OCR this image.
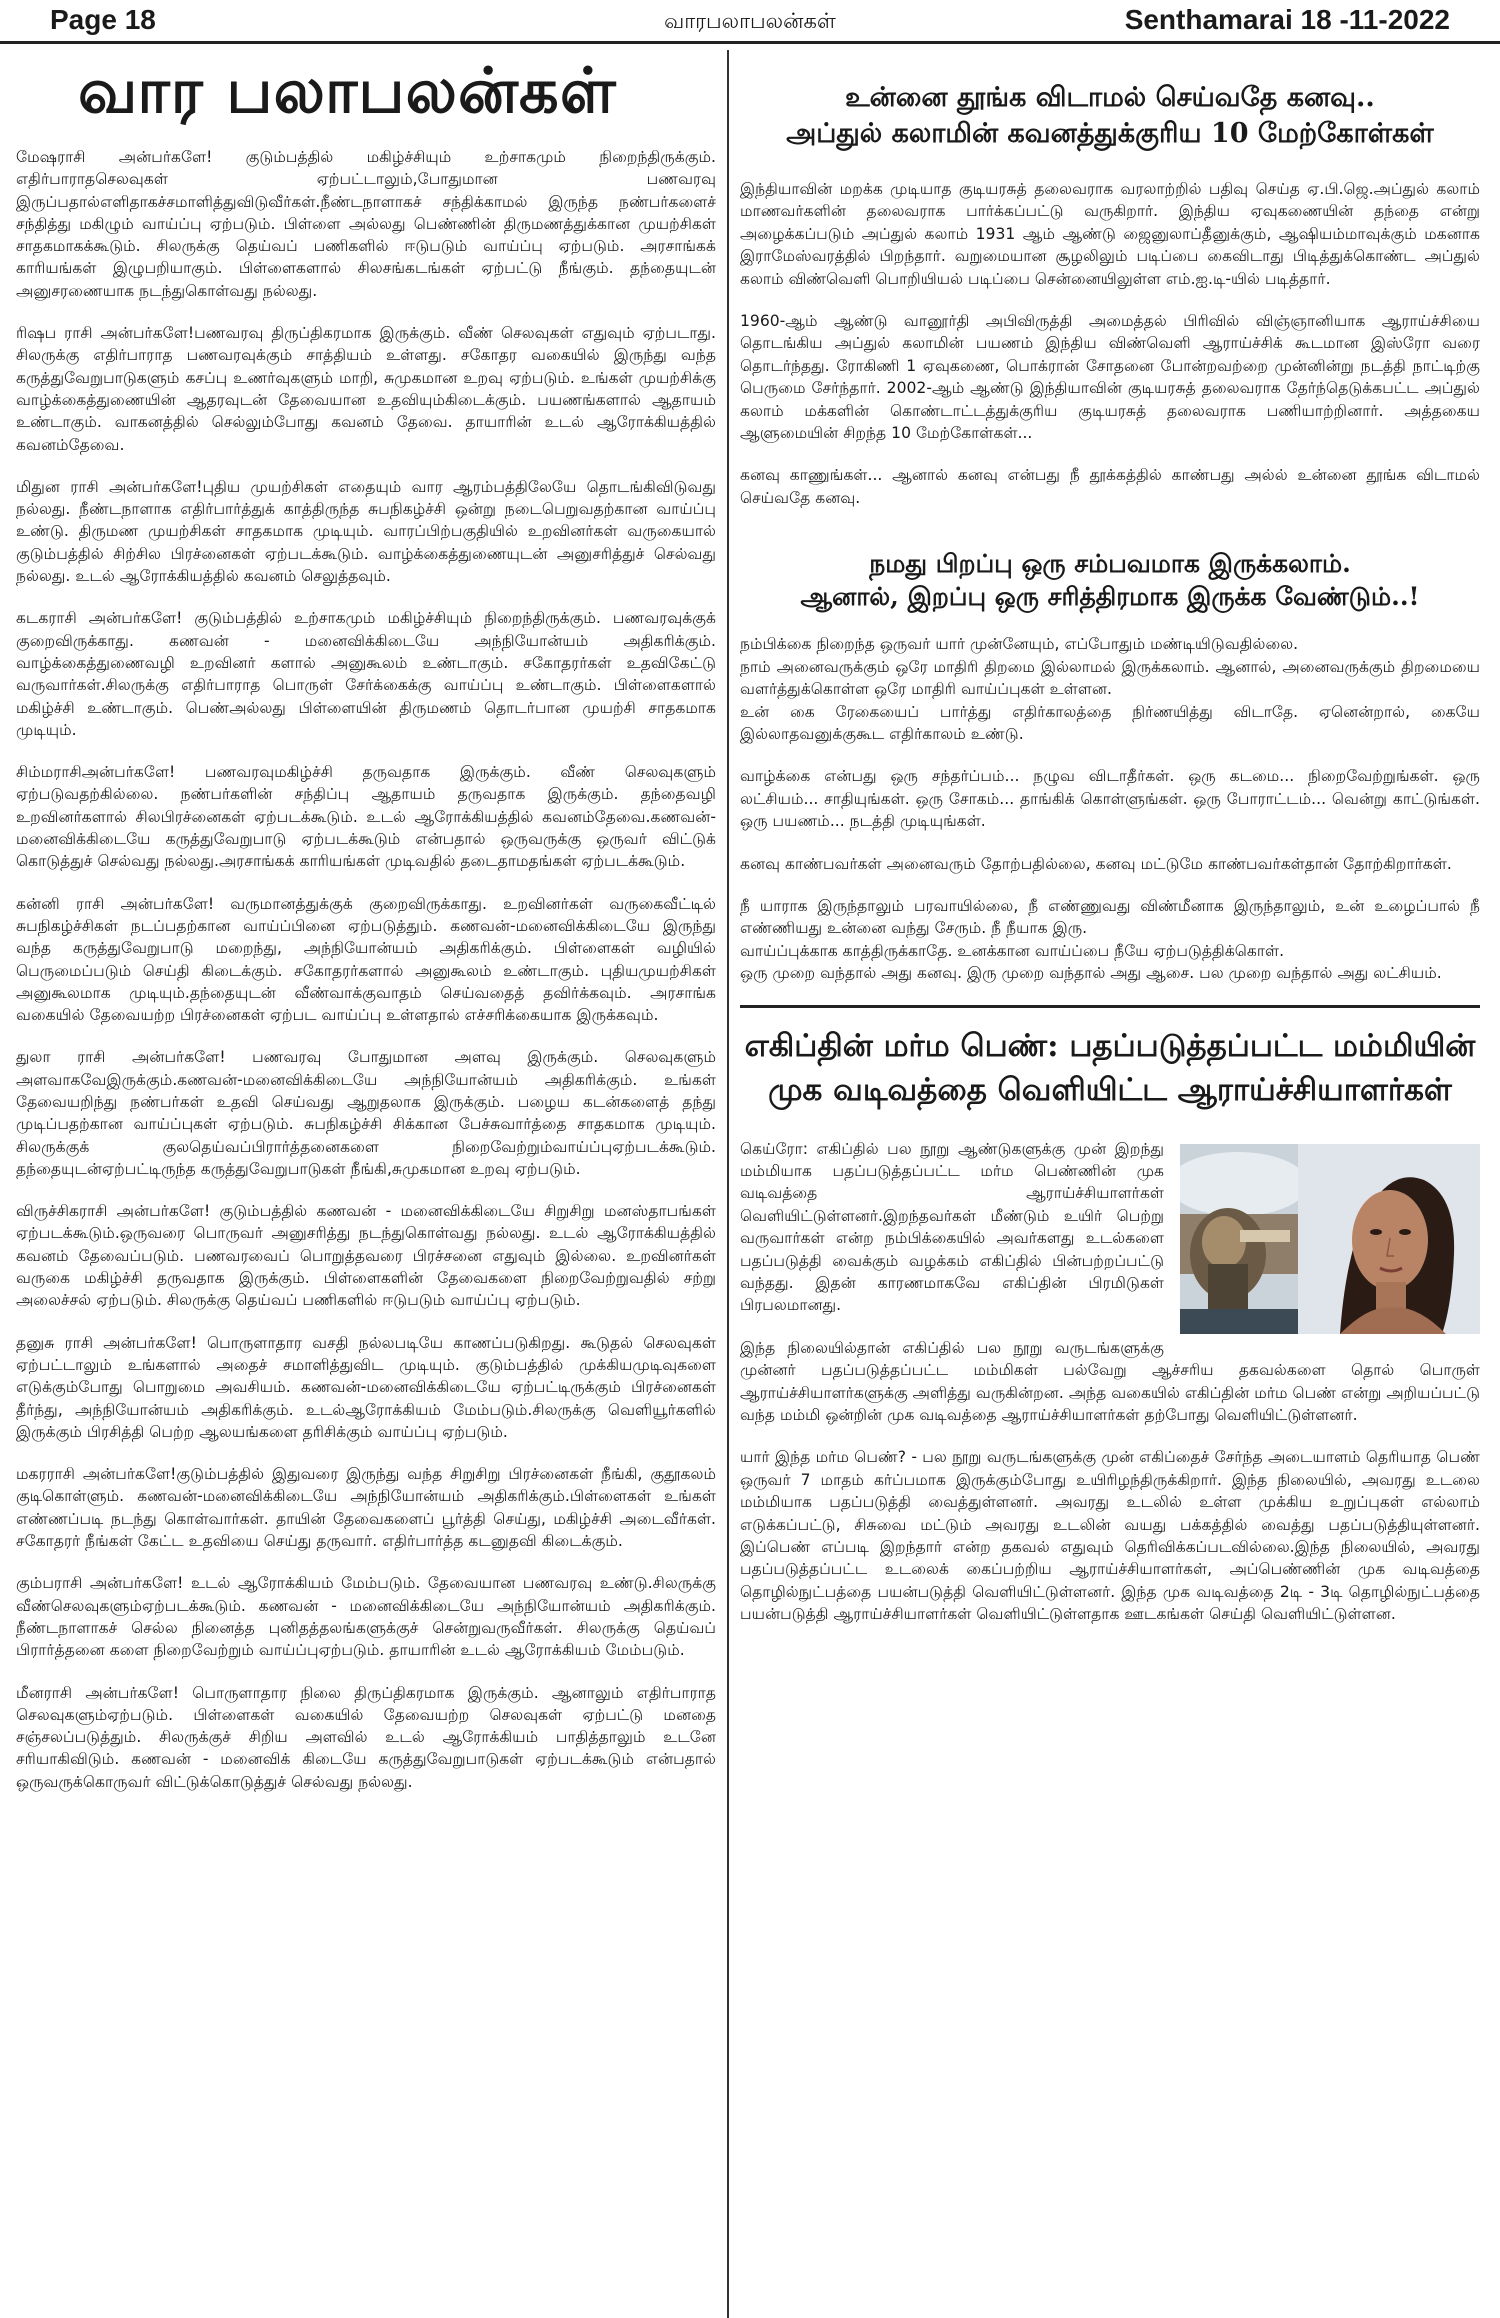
Page 18	வாரபலாபலன்கள்	Senthamarai 18 -11-2022
வார பலாபலன்கள்

மேஷராசி அன்பர்களே! குடும்பத்தில் மகிழ்ச்சியும் உற்சாகமும் நிறைந்திருக்கும். எதிர்பாராதசெலவுகள் ஏற்பட்டாலும்,போதுமான பணவரவு இருப்பதால்எளிதாகச்சமாளித்துவிடுவீர்கள்.நீண்டநாளாகச் சந்திக்காமல் இருந்த நண்பர்களைச் சந்தித்து மகிழும் வாய்ப்பு ஏற்படும். பிள்ளை அல்லது பெண்ணின் திருமணத்துக்கான முயற்சிகள் சாதகமாகக்கூடும். சிலருக்கு தெய்வப் பணிகளில் ஈடுபடும் வாய்ப்பு ஏற்படும். அரசாங்கக் காரியங்கள் இழுபறியாகும். பிள்ளைகளால் சிலசங்கடங்கள் ஏற்பட்டு நீங்கும். தந்தையுடன் அனுசரணையாக நடந்துகொள்வது நல்லது.

ரிஷப ராசி அன்பர்களே!பணவரவு திருப்திகரமாக இருக்கும். வீண் செலவுகள் எதுவும் ஏற்படாது. சிலருக்கு எதிர்பாராத பணவரவுக்கும் சாத்தியம் உள்ளது. சகோதர வகையில் இருந்து வந்த கருத்துவேறுபாடுகளும் கசப்பு உணர்வுகளும் மாறி, சுமுகமான உறவு ஏற்படும். உங்கள் முயற்சிக்கு வாழ்க்கைத்துணையின் ஆதரவுடன் தேவையான உதவியும்கிடைக்கும். பயணங்களால் ஆதாயம் உண்டாகும். வாகனத்தில் செல்லும்போது கவனம் தேவை. தாயாரின் உடல் ஆரோக்கியத்தில் கவனம்தேவை.

மிதுன ராசி அன்பர்களே!புதிய முயற்சிகள் எதையும் வார ஆரம்பத்திலேயே தொடங்கிவிடுவது நல்லது. நீண்டநாளாக எதிர்பார்த்துக் காத்திருந்த சுபநிகழ்ச்சி ஒன்று நடைபெறுவதற்கான வாய்ப்பு உண்டு. திருமண முயற்சிகள் சாதகமாக முடியும். வாரப்பிற்பகுதியில் உறவினர்கள் வருகையால் குடும்பத்தில் சிற்சில பிரச்னைகள் ஏற்படக்கூடும். வாழ்க்கைத்துணையுடன் அனுசரித்துச் செல்வது நல்லது. உடல் ஆரோக்கியத்தில் கவனம் செலுத்தவும்.

கடகராசி அன்பர்களே! குடும்பத்தில் உற்சாகமும் மகிழ்ச்சியும் நிறைந்திருக்கும். பணவரவுக்குக் குறைவிருக்காது. கணவன் - மனைவிக்கிடையே அந்நியோன்யம் அதிகரிக்கும். வாழ்க்கைத்துணைவழி உறவினர் களால் அனுகூலம் உண்டாகும். சகோதரர்கள் உதவிகேட்டு வருவார்கள்.சிலருக்கு எதிர்பாராத பொருள் சேர்க்கைக்கு வாய்ப்பு உண்டாகும். பிள்ளைகளால் மகிழ்ச்சி உண்டாகும். பெண்அல்லது பிள்ளையின் திருமணம் தொடர்பான முயற்சி சாதகமாக முடியும்.

சிம்மராசிஅன்பர்களே! பணவரவுமகிழ்ச்சி தருவதாக இருக்கும். வீண் செலவுகளும் ஏற்படுவதற்கில்லை. நண்பர்களின் சந்திப்பு ஆதாயம் தருவதாக இருக்கும். தந்தைவழி உறவினர்களால் சிலபிரச்னைகள் ஏற்படக்கூடும். உடல் ஆரோக்கியத்தில் கவனம்தேவை.கணவன்- மனைவிக்கிடையே கருத்துவேறுபாடு ஏற்படக்கூடும் என்பதால் ஒருவருக்கு ஒருவர் விட்டுக் கொடுத்துச் செல்வது நல்லது.அரசாங்கக் காரியங்கள் முடிவதில் தடைதாமதங்கள் ஏற்படக்கூடும்.

கன்னி ராசி அன்பர்களே! வருமானத்துக்குக் குறைவிருக்காது. உறவினர்கள் வருகைவீட்டில் சுபநிகழ்ச்சிகள் நடப்பதற்கான வாய்ப்பினை ஏற்படுத்தும். கணவன்-மனைவிக்கிடையே இருந்து வந்த கருத்துவேறுபாடு மறைந்து, அந்நியோன்யம் அதிகரிக்கும். பிள்ளைகள் வழியில் பெருமைப்படும் செய்தி கிடைக்கும். சகோதரர்களால் அனுகூலம் உண்டாகும். புதியமுயற்சிகள் அனுகூலமாக முடியும்.தந்தையுடன் வீண்வாக்குவாதம் செய்வதைத் தவிர்க்கவும். அரசாங்க வகையில் தேவையற்ற பிரச்னைகள் ஏற்பட வாய்ப்பு உள்ளதால் எச்சரிக்கையாக இருக்கவும்.

துலா ராசி அன்பர்களே! பணவரவு போதுமான அளவு இருக்கும். செலவுகளும் அளவாகவேஇருக்கும்.கணவன்-மனைவிக்கிடையே அந்நியோன்யம் அதிகரிக்கும். உங்கள் தேவையறிந்து நண்பர்கள் உதவி செய்வது ஆறுதலாக இருக்கும். பழைய கடன்களைத் தந்து முடிப்பதற்கான வாய்ப்புகள் ஏற்படும். சுபநிகழ்ச்சி சிக்கான பேச்சுவார்த்தை சாதகமாக முடியும். சிலருக்குக் குலதெய்வப்பிரார்த்தனைகளை நிறைவேற்றும்வாய்ப்புஏற்படக்கூடும். தந்தையுடன்ஏற்பட்டிருந்த கருத்துவேறுபாடுகள் நீங்கி,சுமுகமான உறவு ஏற்படும்.

விருச்சிகராசி அன்பர்களே! குடும்பத்தில் கணவன் - மனைவிக்கிடையே சிறுசிறு மனஸ்தாபங்கள் ஏற்படக்கூடும்.ஒருவரை பொருவர் அனுசரித்து நடந்துகொள்வது நல்லது. உடல் ஆரோக்கியத்தில் கவனம் தேவைப்படும். பணவரவைப் பொறுத்தவரை பிரச்சனை எதுவும் இல்லை. உறவினர்கள் வருகை மகிழ்ச்சி தருவதாக இருக்கும். பிள்ளைகளின் தேவைகளை நிறைவேற்றுவதில் சற்று அலைச்சல் ஏற்படும். சிலருக்கு தெய்வப் பணிகளில் ஈடுபடும் வாய்ப்பு ஏற்படும்.

தனுசு ராசி அன்பர்களே! பொருளாதார வசதி நல்லபடியே காணப்படுகிறது. கூடுதல் செலவுகள் ஏற்பட்டாலும் உங்களால் அதைச் சமாளித்துவிட முடியும். குடும்பத்தில் முக்கியமுடிவுகளை எடுக்கும்போது பொறுமை அவசியம். கணவன்-மனைவிக்கிடையே ஏற்பட்டிருக்கும் பிரச்னைகள் தீர்ந்து, அந்நியோன்யம் அதிகரிக்கும். உடல்ஆரோக்கியம் மேம்படும்.சிலருக்கு வெளியூர்களில் இருக்கும் பிரசித்தி பெற்ற ஆலயங்களை தரிசிக்கும் வாய்ப்பு ஏற்படும்.

மகரராசி அன்பர்களே!குடும்பத்தில் இதுவரை இருந்து வந்த சிறுசிறு பிரச்னைகள் நீங்கி, குதூகலம் குடிகொள்ளும். கணவன்-மனைவிக்கிடையே அந்நியோன்யம் அதிகரிக்கும்.பிள்ளைகள் உங்கள் எண்ணப்படி நடந்து கொள்வார்கள். தாயின் தேவைகளைப் பூர்த்தி செய்து, மகிழ்ச்சி அடைவீர்கள். சகோதரர் நீங்கள் கேட்ட உதவியை செய்து தருவார். எதிர்பார்த்த கடனுதவி கிடைக்கும்.

கும்பராசி அன்பர்களே! உடல் ஆரோக்கியம் மேம்படும். தேவையான பணவரவு உண்டு.சிலருக்கு வீண்செலவுகளும்ஏற்படக்கூடும். கணவன் - மனைவிக்கிடையே அந்நியோன்யம் அதிகரிக்கும். நீண்டநாளாகச் செல்ல நினைத்த புனிதத்தலங்களுக்குச் சென்றுவருவீர்கள். சிலருக்கு தெய்வப் பிரார்த்தனை களை நிறைவேற்றும் வாய்ப்புஏற்படும். தாயாரின் உடல் ஆரோக்கியம் மேம்படும்.

மீனராசி அன்பர்களே! பொருளாதார நிலை திருப்திகரமாக இருக்கும். ஆனாலும் எதிர்பாராத செலவுகளும்ஏற்படும். பிள்ளைகள் வகையில் தேவையற்ற செலவுகள் ஏற்பட்டு மனதை சஞ்சலப்படுத்தும். சிலருக்குச் சிறிய அளவில் உடல் ஆரோக்கியம் பாதித்தாலும் உடனே சரியாகிவிடும். கணவன் - மனைவிக் கிடையே கருத்துவேறுபாடுகள் ஏற்படக்கூடும் என்பதால் ஒருவருக்கொருவர் விட்டுக்கொடுத்துச் செல்வது நல்லது.

உன்னை தூங்க விடாமல் செய்வதே கனவு..
அப்துல் கலாமின் கவனத்துக்குரிய 10 மேற்கோள்கள்

இந்தியாவின் மறக்க முடியாத குடியரசுத் தலைவராக வரலாற்றில் பதிவு செய்த ஏ.பி.ஜெ.அப்துல் கலாம் மாணவர்களின் தலைவராக பார்க்கப்பட்டு வருகிறார். இந்திய ஏவுகணையின் தந்தை என்று அழைக்கப்படும் அப்துல் கலாம் 1931 ஆம் ஆண்டு ஜைனுலாப்தீனுக்கும், ஆஷியம்மாவுக்கும் மகனாக இராமேஸ்வரத்தில் பிறந்தார். வறுமையான சூழலிலும் படிப்பை கைவிடாது பிடித்துக்கொண்ட அப்துல் கலாம் விண்வெளி பொறியியல் படிப்பை சென்னையிலுள்ள எம்.ஐ.டி-யில் படித்தார்.

1960-ஆம் ஆண்டு வானூர்தி அபிவிருத்தி அமைத்தல் பிரிவில் விஞ்ஞானியாக ஆராய்ச்சியை தொடங்கிய அப்துல் கலாமின் பயணம் இந்திய விண்வெளி ஆராய்ச்சிக் கூடமான இஸ்ரோ வரை தொடர்ந்தது. ரோகிணி 1 ஏவுகணை, பொக்ரான் சோதனை போன்றவற்றை முன்னின்று நடத்தி நாட்டிற்கு பெருமை சேர்ந்தார். 2002-ஆம் ஆண்டு இந்தியாவின் குடியரசுத் தலைவராக தேர்ந்தெடுக்கபட்ட அப்துல் கலாம் மக்களின் கொண்டாட்டத்துக்குரிய குடியரசுத் தலைவராக பணியாற்றினார். அத்தகைய ஆளுமையின் சிறந்த 10 மேற்கோள்கள்...

கனவு காணுங்கள்... ஆனால் கனவு என்பது நீ தூக்கத்தில் காண்பது அல்ல் உன்னை தூங்க விடாமல் செய்வதே கனவு.

நமது பிறப்பு ஒரு சம்பவமாக இருக்கலாம்.
ஆனால், இறப்பு ஒரு சரித்திரமாக இருக்க வேண்டும்..!

நம்பிக்கை நிறைந்த ஒருவர் யார் முன்னேயும், எப்போதும் மண்டியிடுவதில்லை.

நாம் அனைவருக்கும் ஒரே மாதிரி திறமை இல்லாமல் இருக்கலாம். ஆனால், அனைவருக்கும் திறமையை வளர்த்துக்கொள்ள ஒரே மாதிரி வாய்ப்புகள் உள்ளன.

உன் கை ரேகையைப் பார்த்து எதிர்காலத்தை நிர்ணயித்து விடாதே. ஏனென்றால், கையே இல்லாதவனுக்குகூட எதிர்காலம் உண்டு.

வாழ்க்கை என்பது ஒரு சந்தர்ப்பம்... நழுவ விடாதீர்கள். ஒரு கடமை... நிறைவேற்றுங்கள். ஒரு லட்சியம்... சாதியுங்கள். ஒரு சோகம்... தாங்கிக் கொள்ளுங்கள். ஒரு போராட்டம்... வென்று காட்டுங்கள். ஒரு பயணம்... நடத்தி முடியுங்கள்.

கனவு காண்பவர்கள் அனைவரும் தோற்பதில்லை, கனவு மட்டுமே காண்பவர்கள்தான் தோற்கிறார்கள்.

நீ யாராக இருந்தாலும் பரவாயில்லை, நீ எண்ணுவது விண்மீனாக இருந்தாலும், உன் உழைப்பால் நீ எண்ணியது உன்னை வந்து சேரும். நீ நீயாக இரு.

வாய்ப்புக்காக காத்திருக்காதே. உனக்கான வாய்ப்பை நீயே ஏற்படுத்திக்கொள்.

ஒரு முறை வந்தால் அது கனவு. இரு முறை வந்தால் அது ஆசை. பல முறை வந்தால் அது லட்சியம்.

எகிப்தின் மர்ம பெண்: பதப்படுத்தப்பட்ட மம்மியின்
முக வடிவத்தை வெளியிட்ட ஆராய்ச்சியாளர்கள்

கெய்ரோ: எகிப்தில் பல நூறு ஆண்டுகளுக்கு முன் இறந்து மம்மியாக பதப்படுத்தப்பட்ட மர்ம பெண்ணின் முக வடிவத்தை ஆராய்ச்சியாளர்கள் வெளியிட்டுள்ளனர்.இறந்தவர்கள் மீண்டும் உயிர் பெற்று வருவார்கள் என்ற நம்பிக்கையில் அவர்களது உடல்களை பதப்படுத்தி வைக்கும் வழக்கம் எகிப்தில் பின்பற்றப்பட்டு வந்தது. இதன் காரணமாகவே எகிப்தின் பிரமிடுகள் பிரபலமானது.

இந்த நிலையில்தான் எகிப்தில் பல நூறு வருடங்களுக்கு முன்னர் பதப்படுத்தப்பட்ட மம்மிகள் பல்வேறு ஆச்சரிய தகவல்களை தொல் பொருள் ஆராய்ச்சியாளர்களுக்கு அளித்து வருகின்றன. அந்த வகையில் எகிப்தின் மர்ம பெண் என்று அறியப்பட்டு வந்த மம்மி ஒன்றின் முக வடிவத்தை ஆராய்ச்சியாளர்கள் தற்போது வெளியிட்டுள்ளனர்.

யார் இந்த மர்ம பெண்? - பல நூறு வருடங்களுக்கு முன் எகிப்தைச் சேர்ந்த அடையாளம் தெரியாத பெண் ஒருவர் 7 மாதம் கர்ப்பமாக இருக்கும்போது உயிரிழந்திருக்கிறார். இந்த நிலையில், அவரது உடலை மம்மியாக பதப்படுத்தி வைத்துள்ளனர். அவரது உடலில் உள்ள முக்கிய உறுப்புகள் எல்லாம் எடுக்கப்பட்டு, சிசுவை மட்டும் அவரது உடலின் வயது பக்கத்தில் வைத்து பதப்படுத்தியுள்ளனர். இப்பெண் எப்படி இறந்தார் என்ற தகவல் எதுவும் தெரிவிக்கப்படவில்லை.இந்த நிலையில், அவரது பதப்படுத்தப்பட்ட உடலைக் கைப்பற்றிய ஆராய்ச்சியாளர்கள், அப்பெண்ணின் முக வடிவத்தை தொழில்நுட்பத்தை பயன்படுத்தி வெளியிட்டுள்ளனர். இந்த முக வடிவத்தை 2டி - 3டி தொழில்நுட்பத்தை பயன்படுத்தி ஆராய்ச்சியாளர்கள் வெளியிட்டுள்ளதாக ஊடகங்கள் செய்தி வெளியிட்டுள்ளன.
